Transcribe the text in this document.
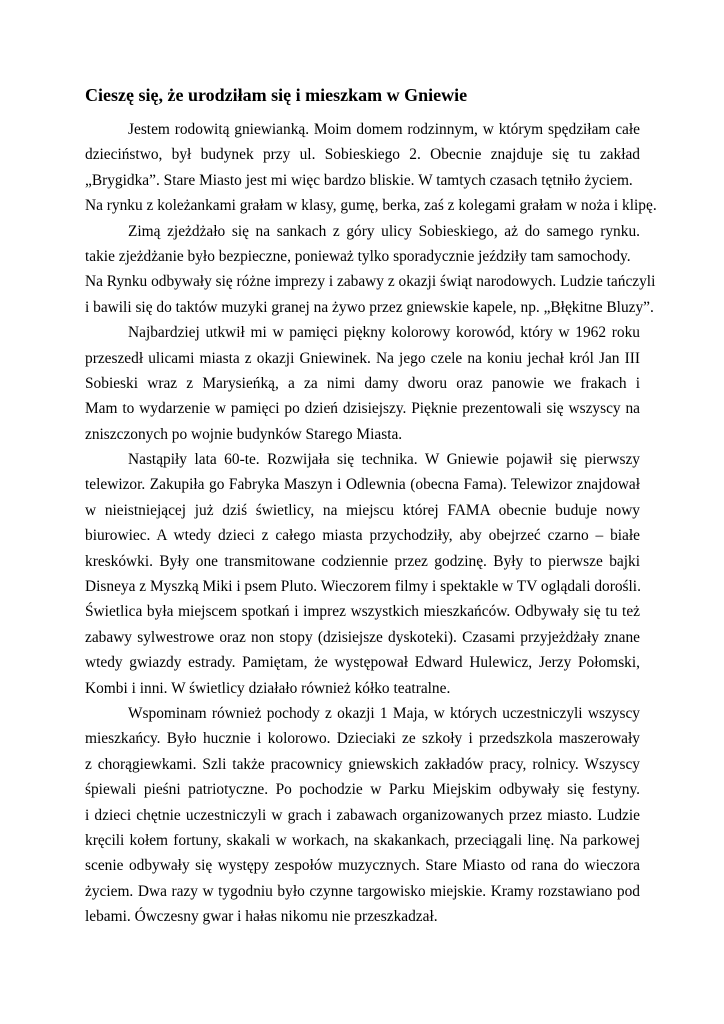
Cieszę się, że urodziłam się i mieszkam w Gniewie
Jestem rodowitą gniewianką. Moim domem rodzinnym, w którym spędziłam całe
dzieciństwo, był budynek przy ul. Sobieskiego 2. Obecnie znajduje się tu zakład
„Brygidka”. Stare Miasto jest mi więc bardzo bliskie. W tamtych czasach tętniło życiem.
Na rynku z koleżankami grałam w klasy, gumę, berka, zaś z kolegami grałam w noża i klipę.
Zimą zjeżdżało się na sankach z góry ulicy Sobieskiego, aż do samego rynku.
takie zjeżdżanie było bezpieczne, ponieważ tylko sporadycznie jeździły tam samochody.
Na Rynku odbywały się różne imprezy i zabawy z okazji świąt narodowych. Ludzie tańczyli
i bawili się do taktów muzyki granej na żywo przez gniewskie kapele, np. „Błękitne Bluzy”.
Najbardziej utkwił mi w pamięci piękny kolorowy korowód, który w 1962 roku
przeszedł ulicami miasta z okazji Gniewinek. Na jego czele na koniu jechał król Jan III
Sobieski wraz z Marysieńką, a za nimi damy dworu oraz panowie we frakach i
Mam to wydarzenie w pamięci po dzień dzisiejszy. Pięknie prezentowali się wszyscy na
zniszczonych po wojnie budynków Starego Miasta.
Nastąpiły lata 60-te. Rozwijała się technika. W Gniewie pojawił się pierwszy
telewizor. Zakupiła go Fabryka Maszyn i Odlewnia (obecna Fama). Telewizor znajdował
w nieistniejącej już dziś świetlicy, na miejscu której FAMA obecnie buduje nowy
biurowiec. A wtedy dzieci z całego miasta przychodziły, aby obejrzeć czarno – białe
kreskówki. Były one transmitowane codziennie przez godzinę. Były to pierwsze bajki
Disneya z Myszką Miki i psem Pluto. Wieczorem filmy i spektakle w TV oglądali dorośli.
Świetlica była miejscem spotkań i imprez wszystkich mieszkańców. Odbywały się tu też
zabawy sylwestrowe oraz non stopy (dzisiejsze dyskoteki). Czasami przyjeżdżały znane
wtedy gwiazdy estrady. Pamiętam, że występował Edward Hulewicz, Jerzy Połomski,
Kombi i inni. W świetlicy działało również kółko teatralne.
Wspominam również pochody z okazji 1 Maja, w których uczestniczyli wszyscy
mieszkańcy. Było hucznie i kolorowo. Dzieciaki ze szkoły i przedszkola maszerowały
z chorągiewkami. Szli także pracownicy gniewskich zakładów pracy, rolnicy. Wszyscy
śpiewali pieśni patriotyczne. Po pochodzie w Parku Miejskim odbywały się festyny.
i dzieci chętnie uczestniczyli w grach i zabawach organizowanych przez miasto. Ludzie
kręcili kołem fortuny, skakali w workach, na skakankach, przeciągali linę. Na parkowej
scenie odbywały się występy zespołów muzycznych. Stare Miasto od rana do wieczora
życiem. Dwa razy w tygodniu było czynne targowisko miejskie. Kramy rozstawiano pod
lebami. Ówczesny gwar i hałas nikomu nie przeszkadzał.
